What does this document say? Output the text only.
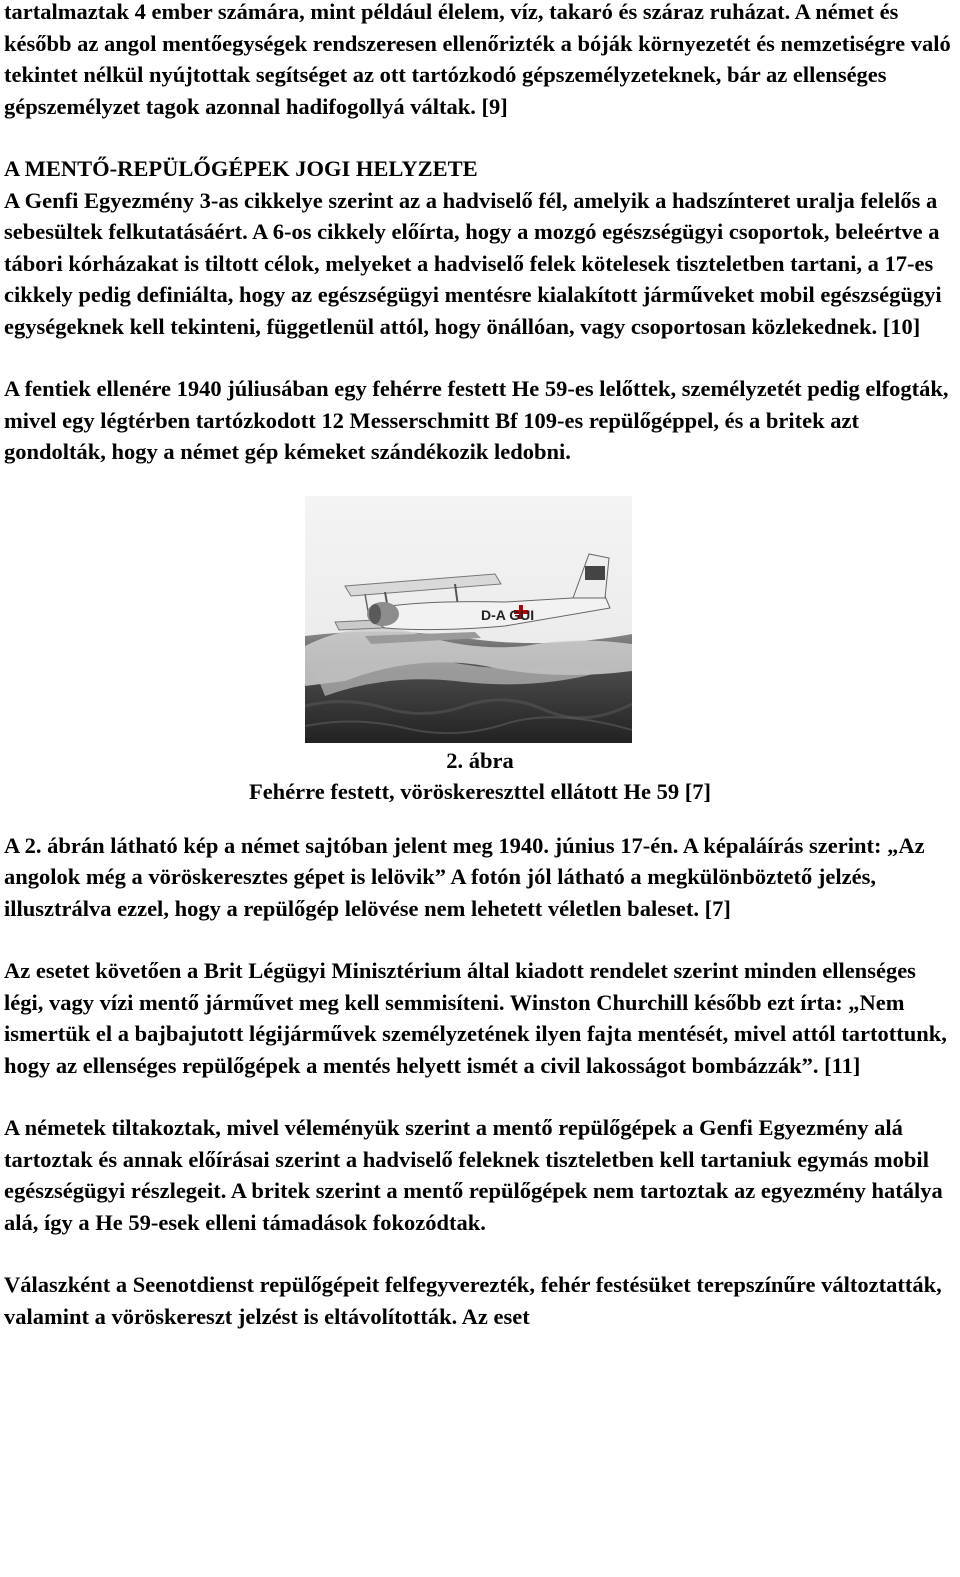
tartalmaztak 4 ember számára, mint például élelem, víz, takaró és száraz ruházat. A német és később az angol mentőegységek rendszeresen ellenőrizték a bóják környezetét és nemzetiségre való tekintet nélkül nyújtottak segítséget az ott tartózkodó gépszemélyzeteknek, bár az ellenséges gépszemélyzet tagok azonnal hadifogollyá váltak. [9]

A MENTŐ-REPÜLŐGÉPEK JOGI HELYZETE

A Genfi Egyezmény 3-as cikkelye szerint az a hadviselő fél, amelyik a hadszínteret uralja felelős a sebesültek felkutatásáért. A 6-os cikkely előírta, hogy a mozgó egészségügyi csoportok, beleértve a tábori kórházakat is tiltott célok, melyeket a hadviselő felek kötelesek tiszteletben tartani, a 17-es cikkely pedig definiálta, hogy az egészségügyi mentésre kialakított járműveket mobil egészségügyi egységeknek kell tekinteni, függetlenül attól, hogy önállóan, vagy csoportosan közlekednek. [10]

A fentiek ellenére 1940 júliusában egy fehérre festett He 59-es lelőttek, személyzetét pedig elfogták, mivel egy légtérben tartózkodott 12 Messerschmitt Bf 109-es repülőgéppel, és a britek azt gondolták, hogy a német gép kémeket szándékozik ledobni.

D-A GUI
2. ábra
Fehérre festett, vöröskereszttel ellátott He 59 [7]

A 2. ábrán látható kép a német sajtóban jelent meg 1940. június 17-én. A képaláírás szerint: „Az angolok még a vöröskeresztes gépet is lelövik” A fotón jól látható a megkülönböztető jelzés, illusztrálva ezzel, hogy a repülőgép lelövése nem lehetett véletlen baleset. [7]

Az esetet követően a Brit Légügyi Minisztérium által kiadott rendelet szerint minden ellenséges légi, vagy vízi mentő járművet meg kell semmisíteni. Winston Churchill később ezt írta: „Nem ismertük el a bajbajutott légijárművek személyzetének ilyen fajta mentését, mivel attól tartottunk, hogy az ellenséges repülőgépek a mentés helyett ismét a civil lakosságot bombázzák”. [11]

A németek tiltakoztak, mivel véleményük szerint a mentő repülőgépek a Genfi Egyezmény alá tartoztak és annak előírásai szerint a hadviselő feleknek tiszteletben kell tartaniuk egymás mobil egészségügyi részlegeit. A britek szerint a mentő repülőgépek nem tartoztak az egyezmény hatálya alá, így a He 59-esek elleni támadások fokozódtak.

Válaszként a Seenotdienst repülőgépeit felfegyverezték, fehér festésüket terepszínűre változtatták, valamint a vöröskereszt jelzést is eltávolították. Az eset
